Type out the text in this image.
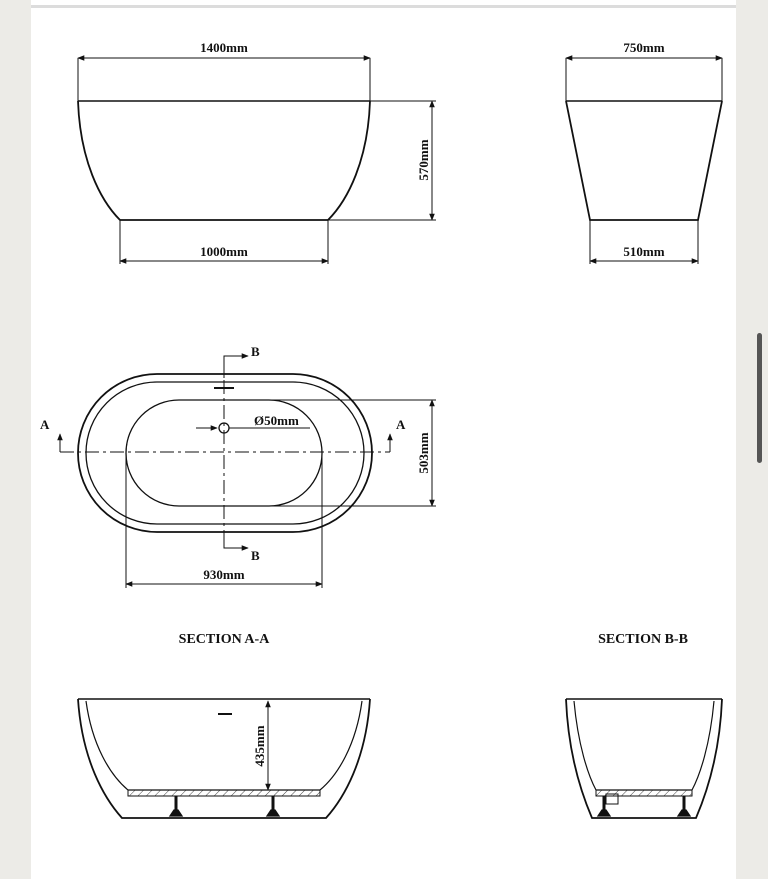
1400mm
1000mm
570mm
750mm
510mm
B
B
A	A
Ø50mm
503mm
930mm
SECTION A-A	SECTION B-B
435mm
